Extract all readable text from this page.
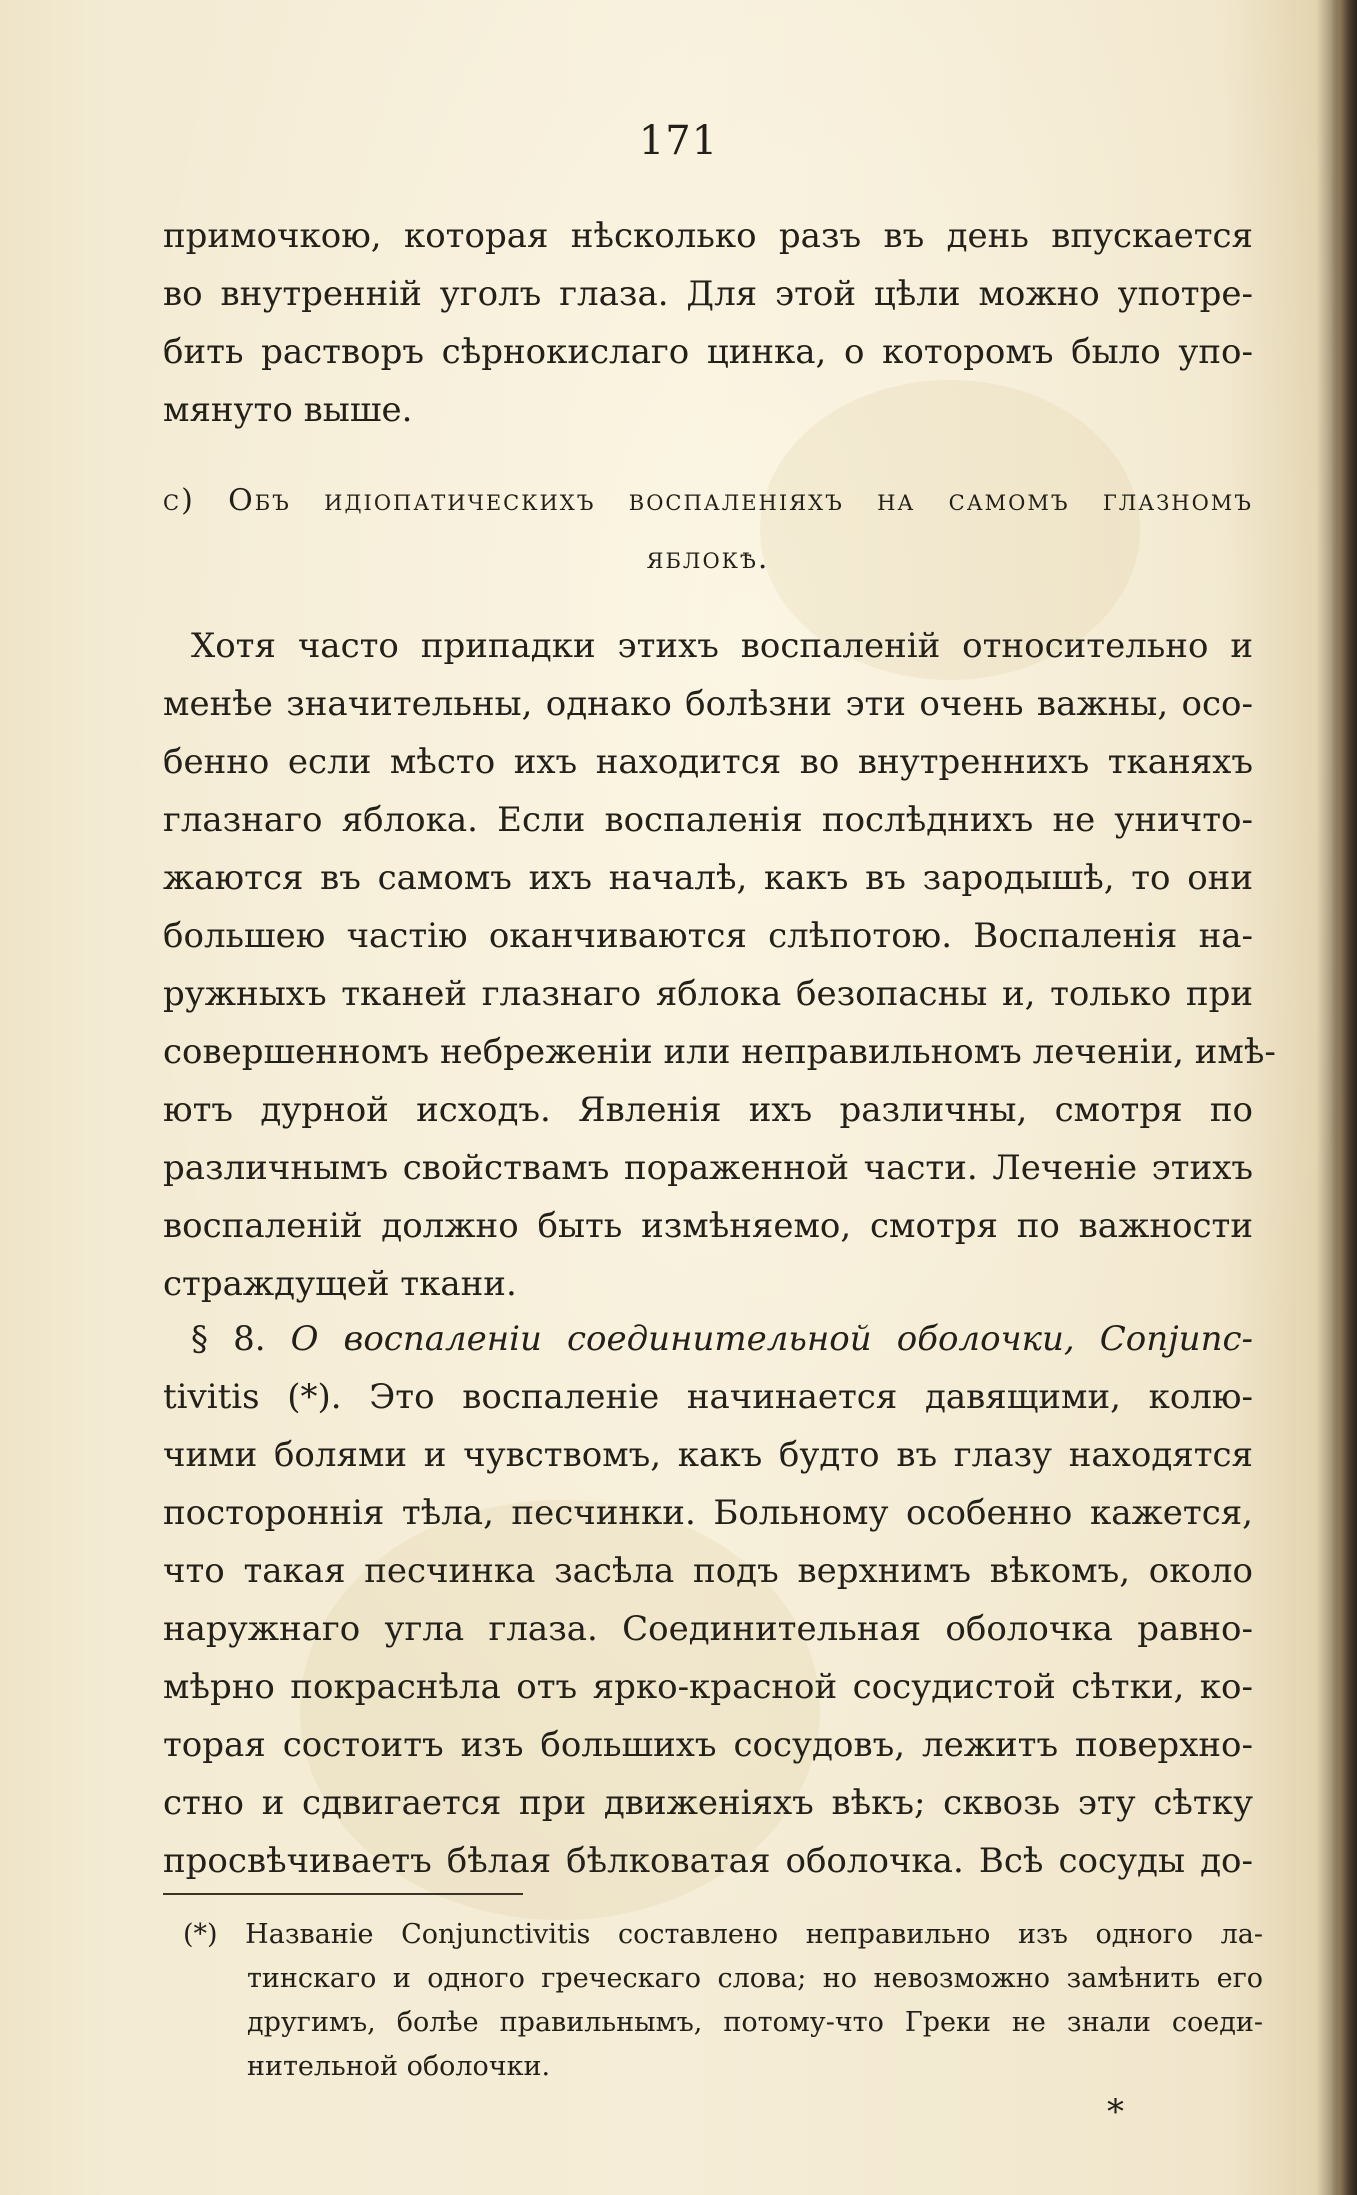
171
примочкою, которая нѣсколько разъ въ день впускается
во внутренній уголъ глаза. Для этой цѣли можно употре-
бить растворъ сѣрнокислаго цинка, о которомъ было упо-
мянуто выше.
c) Объ идіопатическихъ воспаленіяхъ на самомъ глазномъ
яблокѣ.
Хотя часто припадки этихъ воспаленій относительно и
менѣе значительны, однако болѣзни эти очень важны, осо-
бенно если мѣсто ихъ находится во внутреннихъ тканяхъ
глазнаго яблока. Если воспаленія послѣднихъ не уничто-
жаются въ самомъ ихъ началѣ, какъ въ зародышѣ, то они
большею частію оканчиваются слѣпотою. Воспаленія на-
ружныхъ тканей глазнаго яблока безопасны и, только при
совершенномъ небреженіи или неправильномъ леченіи, имѣ-
ютъ дурной исходъ. Явленія ихъ различны, смотря по
различнымъ свойствамъ пораженной части. Леченіе этихъ
воспаленій должно быть измѣняемо, смотря по важности
страждущей ткани.
§ 8. О воспаленіи соединительной оболочки, Conjunc-
tivitis (*). Это воспаленіе начинается давящими, колю-
чими болями и чувствомъ, какъ будто въ глазу находятся
постороннія тѣла, песчинки. Больному особенно кажется,
что такая песчинка засѣла подъ верхнимъ вѣкомъ, около
наружнаго угла глаза. Соединительная оболочка равно-
мѣрно покраснѣла отъ ярко-красной сосудистой сѣтки, ко-
торая состоитъ изъ большихъ сосудовъ, лежитъ поверхно-
стно и сдвигается при движеніяхъ вѣкъ; сквозь эту сѣтку
просвѣчиваетъ бѣлая бѣлковатая оболочка. Всѣ сосуды до-
(*) Названіе Conjunctivitis составлено неправильно изъ одного ла-
тинскаго и одного греческаго слова; но невозможно замѣнить его
другимъ, болѣе правильнымъ, потому-что Греки не знали соеди-
нительной оболочки.
*
